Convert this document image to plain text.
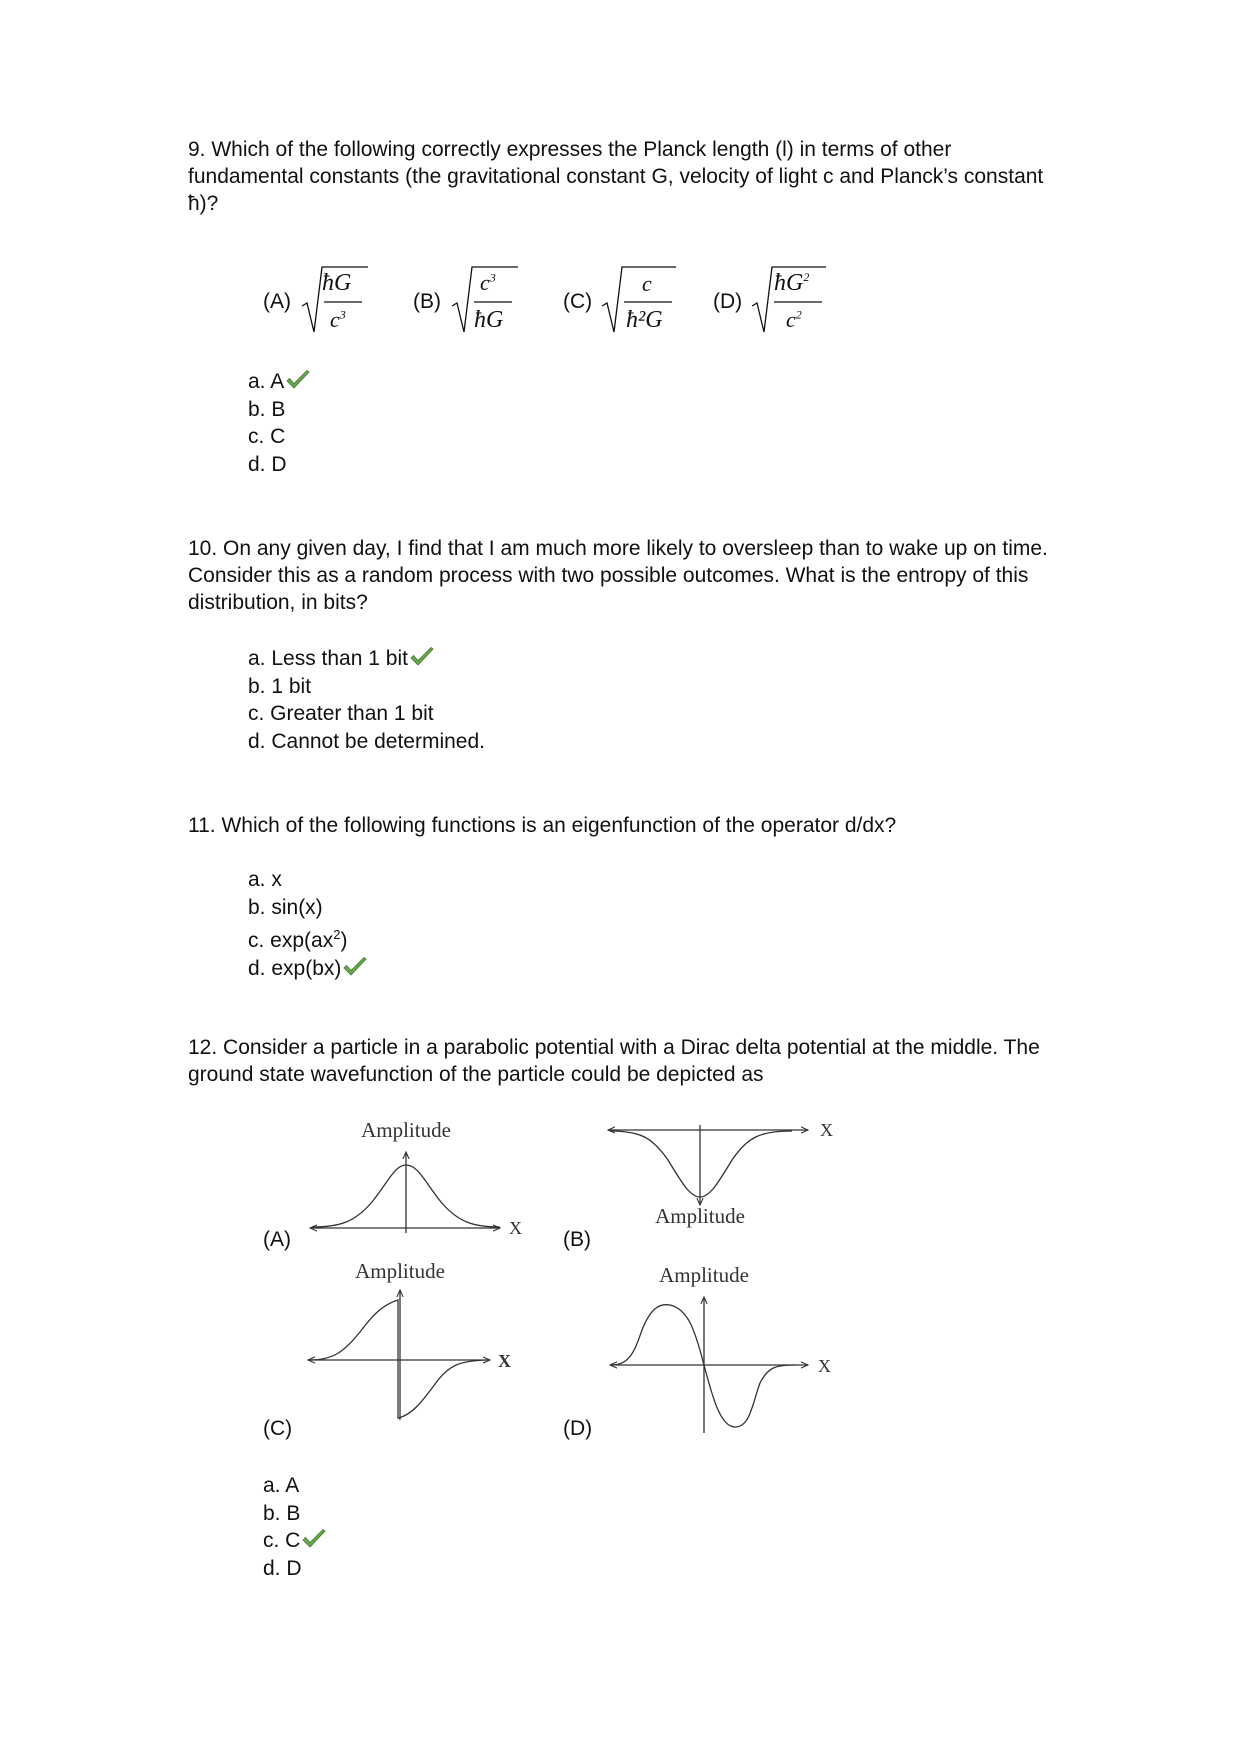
9. Which of the following correctly expresses the Planck length (l) in terms of other fundamental constants (the gravitational constant G, velocity of light c and Planck’s constant ħ)?

(A)
ħG
$c^3$
(B)
$c^3$
ħG
(C)
c
ħ²G
(D)
$ħG^2$
$c^2$
a. A
b. B
c. C
d. D

10. On any given day, I find that I am much more likely to oversleep than to wake up on time. Consider this as a random process with two possible outcomes. What is the entropy of this distribution, in bits?

a. Less than 1 bit
b. 1 bit
c. Greater than 1 bit
d. Cannot be determined.

11. Which of the following functions is an eigenfunction of the operator d/dx?

a. x
b. sin(x)
c. $\exp(ax^2)$
d. exp(bx)

12. Consider a particle in a parabolic potential with a Dirac delta potential at the middle. The ground state wavefunction of the particle could be depicted as

Amplitude
X
(A)
X
Amplitude
(B)
Amplitude
X
(C)
Amplitude
X
(D)
a. A
b. B
c. C
d. D
